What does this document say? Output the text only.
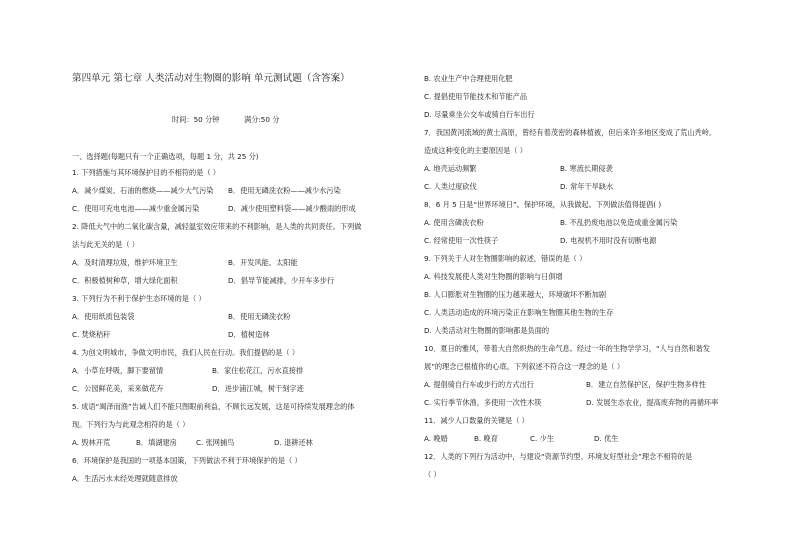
第四单元 第七章 人类活动对生物圈的影响 单元测试题（含答案）
时间：50 分钟	满分:50 分
一、选择题(每题只有一个正确选项，每题 1 分，共 25 分)
1. 下列措施与其环境保护目的不相符的是（ ）
A．减少煤炭、石油的燃烧——减少大气污染 B．使用无磷洗衣粉——减少水污染
C．使用可充电电池——减少重金属污染	D．减少使用塑料袋——减少酸雨的形成
2. 降低大气中的二氧化碳含量，减轻温室效应带来的不利影响，是人类的共同责任。下列做
法与此无关的是（ ）
A．及时清理垃圾，维护环境卫生	B．开发风能、太阳能
C．积极植树种草，增大绿化面积	D．倡导节能减排，少开车多步行
3. 下列行为不利于保护生态环境的是（ ）
A．使用纸质包装袋	B．使用无磷洗衣粉
C. 焚烧秸秆	D．植树造林
4. 为创文明城市，争做文明市民，我们人民在行动。我们提倡的是（ ）
A．小草在呼吸，脚下要留情	B．家住松花江，污水直接排
C．公园鲜花美，采来做花卉	D．进步浦江城，树干刻字迹
5. 成语“竭泽而渔”告诫人们不能只图眼前利益，不顾长远发展，这是可持续发展理念的体
现。下列行为与此观念相符的是（ ）
A. 毁林开荒	B．填湖建房	C. 张网捕鸟	D. 退耕还林
6．环境保护是我国的一项基本国策，下列做法不利于环境保护的是（ ）
A．生活污水未经处理就随意排放
B. 农业生产中合理使用化肥
C. 提倡使用节能技术和节能产品
D. 尽量乘坐公交车或骑自行车出行
7．我国黄河流域的黄土高原，曾经有着茂密的森林植被，但后来许多地区变成了荒山秃岭。
造成这种变化的主要原因是（ ）
A. 地壳运动频繁	B. 寒流长期侵袭
C. 人类过度砍伐	D. 常年干旱缺水
8．6 月 5 日是“世界环境日”。保护环境，从我做起。下列做法值得提倡( )
A. 使用含磷洗衣粉	B. 不乱扔废电池以免造成重金属污染
C. 经常使用一次性筷子	D. 电视机不用时没有切断电源
9. 下列关于人对生物圈影响的叙述，错误的是（ ）
A. 科技发展使人类对生物圈的影响与日俱增
B. 人口膨胀对生物圈的压力越来越大，环境破坏不断加剧
C. 人类活动造成的环境污染正在影响生物圈其他生物的生存
D. 人类活动对生物圈的影响都是负面的
10．夏日的雅风，带着大自然炽热的生命气息。经过一年的生物学学习，“人与自然和谐发
展”的理念已根植你的心底。下列叙述不符合这一理念的是（ ）
A. 提倡骑自行车或步行的方式出行	B．建立自然保护区，保护生物多样性
C. 实行季节休渔，多使用一次性木筷	D. 发展生态农业，提高废弃物的再循环率
11．减少人口数量的关键是（ ）
A. 晚婚	B. 晚育	C. 少生	D. 优生
12．人类的下列行为活动中，与建设“资源节约型、环境友好型社会”理念不相符的是
（ ）
